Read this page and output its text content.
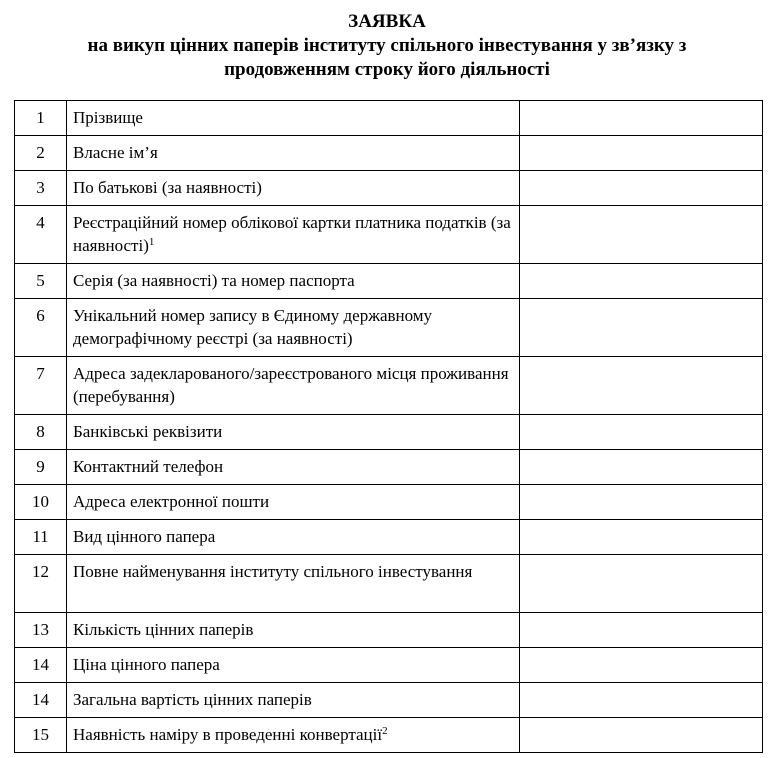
ЗАЯВКА
на викуп цінних паперів інституту спільного інвестування у зв’язку з
продовженням строку його діяльності
1	Прізвище	
2	Власне ім’я	
3	По батькові (за наявності)	
4	Реєстраційний номер облікової картки платника податків (за наявності)$^1$	
5	Серія (за наявності) та номер паспорта	
6	Унікальний номер запису в Єдиному державному демографічному реєстрі (за наявності)	
7	Адреса задекларованого/зареєстрованого місця проживання (перебування)	
8	Банківські реквізити	
9	Контактний телефон	
10	Адреса електронної пошти	
11	Вид цінного папера	
12	Повне найменування інституту спільного інвестування	
13	Кількість цінних паперів	
14	Ціна цінного папера	
14	Загальна вартість цінних паперів	
15	Наявність наміру в проведенні конвертації$^2$	
